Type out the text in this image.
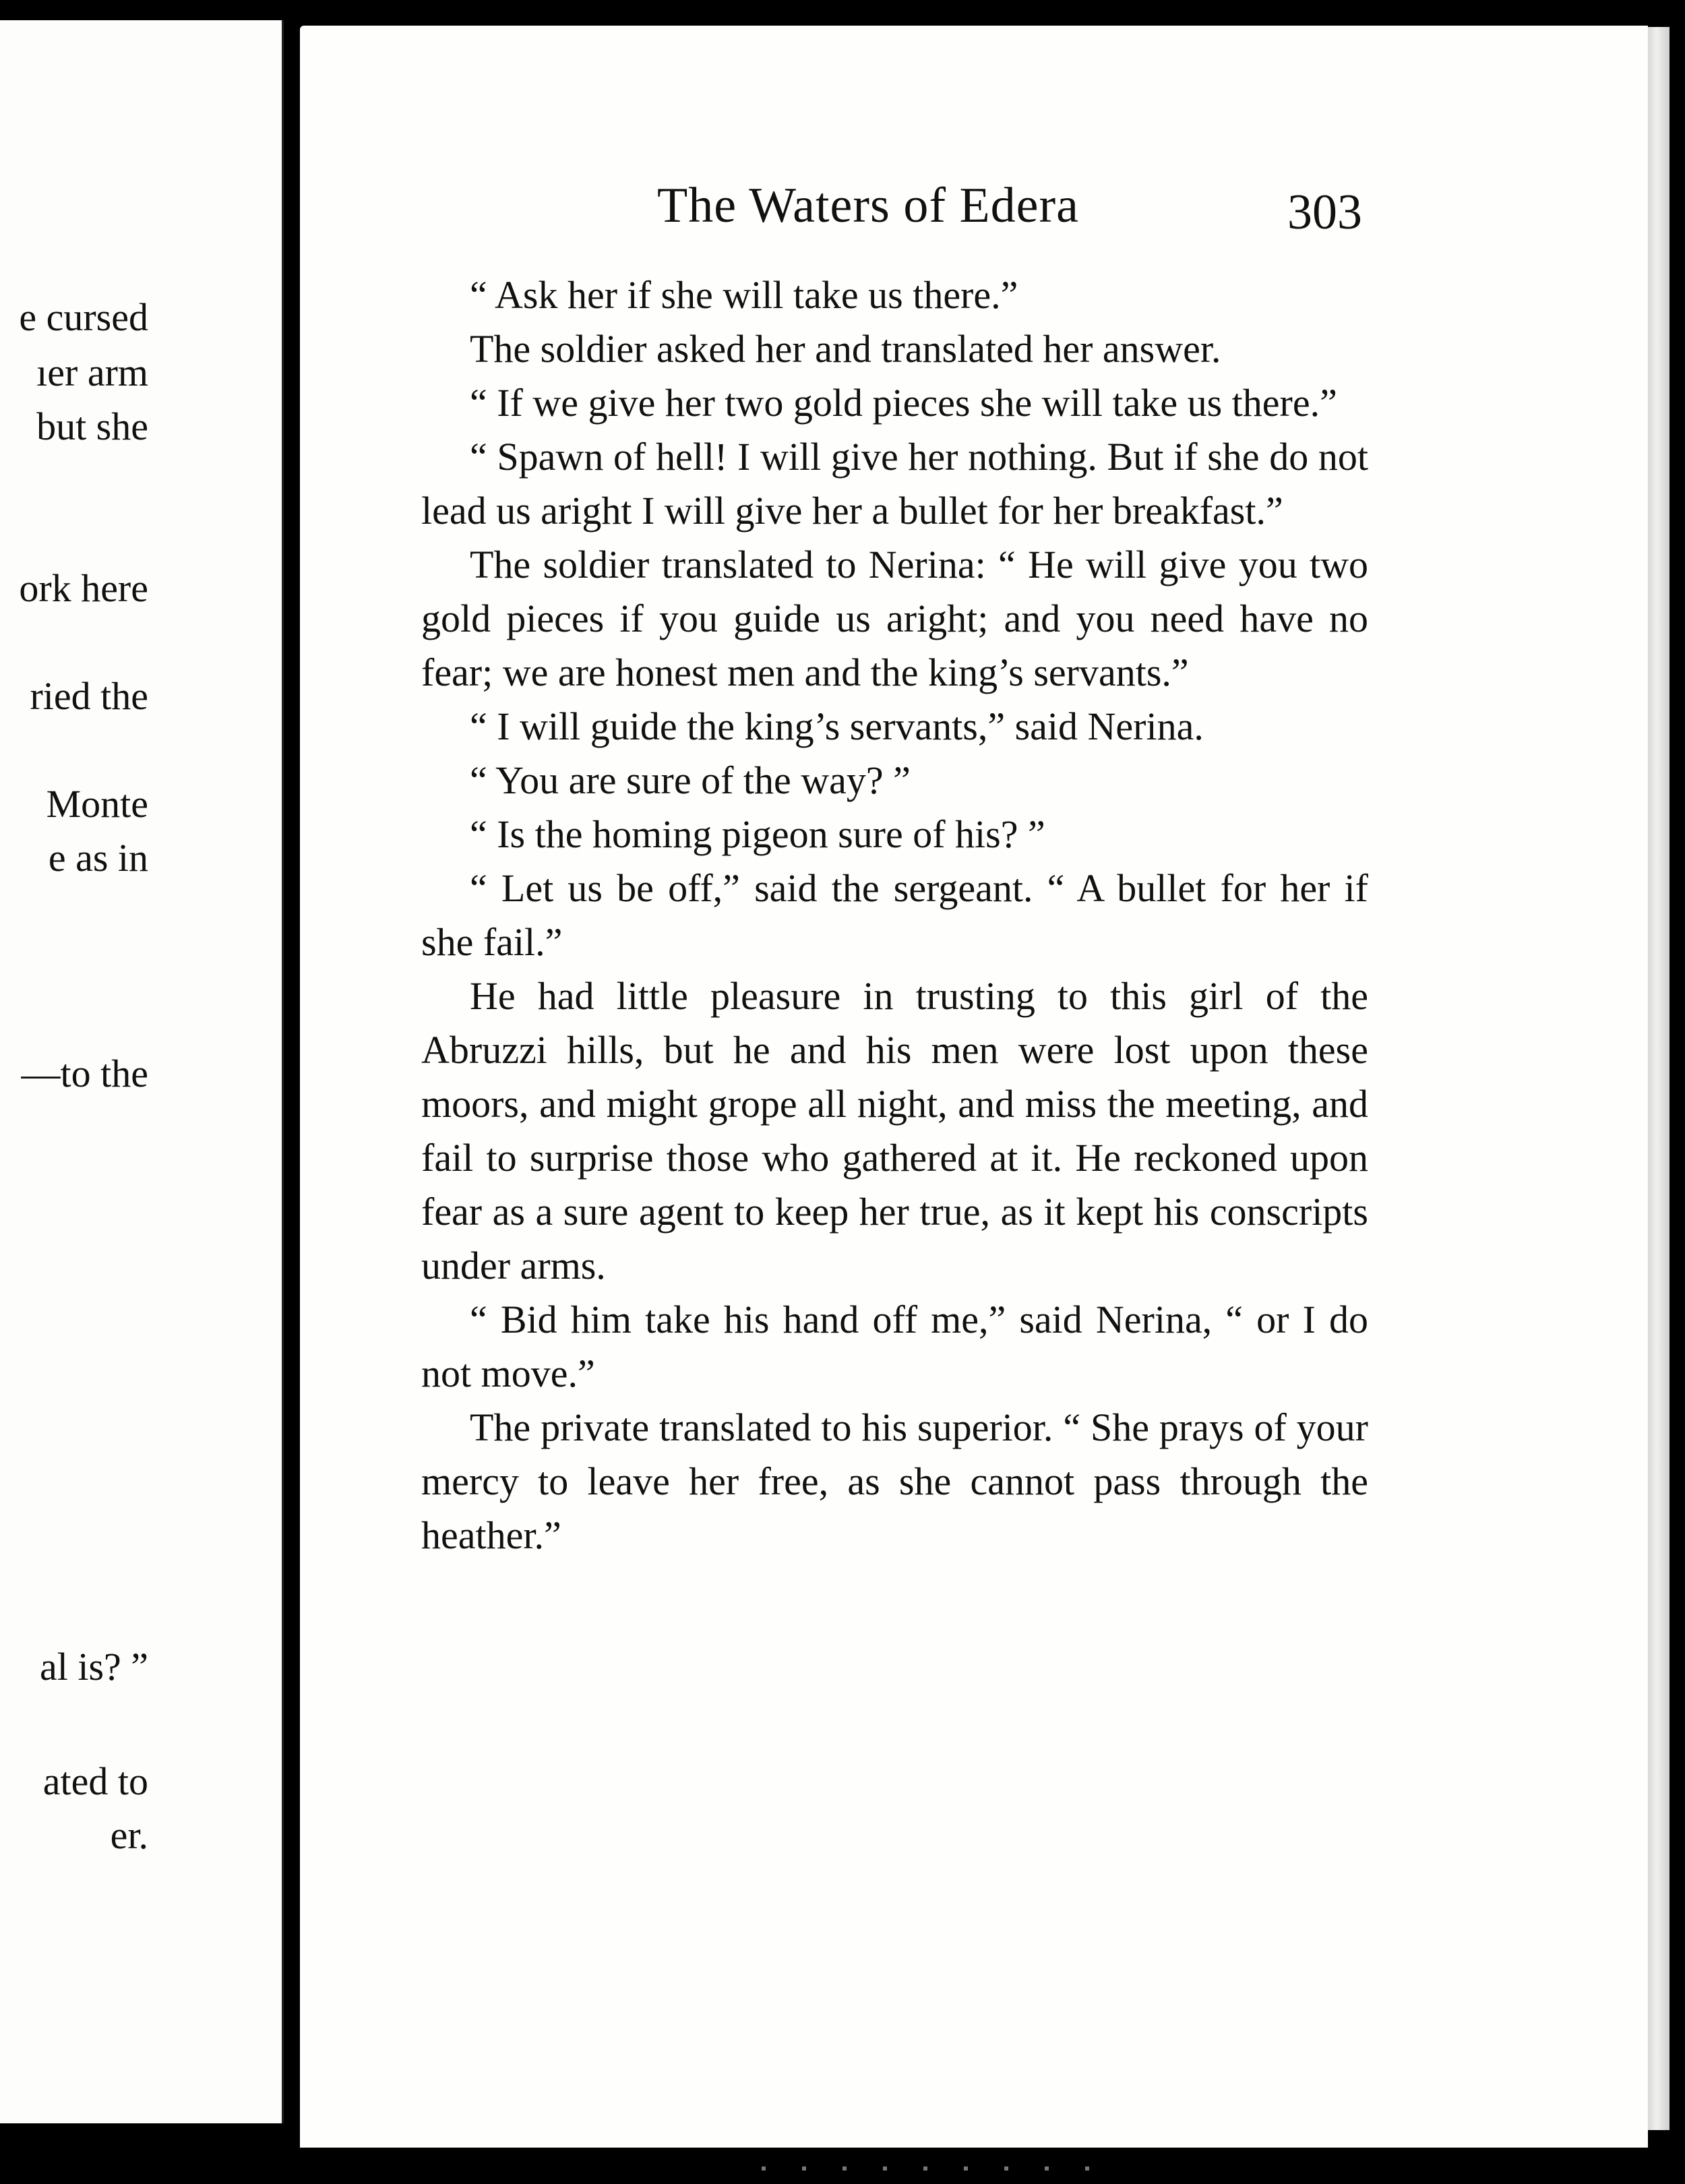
e cursed
ıer arm
but she
ork here
ried the
Monte
e as in
—to the
al is? ”
ated to
er.
The Waters of Edera	303

“ Ask her if she will take us there.”

The soldier asked her and translated her answer.

“ If we give her two gold pieces she will take us there.”

“ Spawn of hell! I will give her nothing. But if she do not lead us aright I will give her a bullet for her breakfast.”

The soldier translated to Nerina: “ He will give you two gold pieces if you guide us aright; and you need have no fear; we are honest men and the king’s servants.”

“ I will guide the king’s servants,” said Nerina.

“ You are sure of the way? ”

“ Is the homing pigeon sure of his? ”

“ Let us be off,” said the sergeant. “ A bullet for her if she fail.”

He had little pleasure in trusting to this girl of the Abruzzi hills, but he and his men were lost upon these moors, and might grope all night, and miss the meeting, and fail to surprise those who gathered at it. He reckoned upon fear as a sure agent to keep her true, as it kept his conscripts under arms.

“ Bid him take his hand off me,” said Nerina, “ or I do not move.”

The private translated to his superior. “ She prays of your mercy to leave her free, as she cannot pass through the heather.”
